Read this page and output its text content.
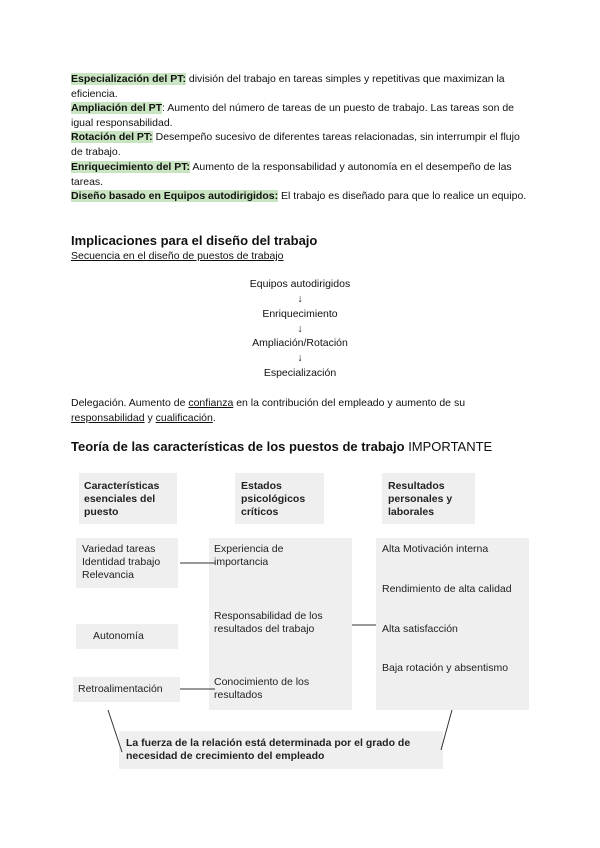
Especialización del PT: división del trabajo en tareas simples y repetitivas que maximizan la eficiencia.
Ampliación del PT: Aumento del número de tareas de un puesto de trabajo. Las tareas son de igual responsabilidad.
Rotación del PT: Desempeño sucesivo de diferentes tareas relacionadas, sin interrumpir el flujo de trabajo.
Enriquecimiento del PT: Aumento de la responsabilidad y autonomía en el desempeño de las tareas.
Diseño basado en Equipos autodirigidos: El trabajo es diseñado para que lo realice un equipo.
Implicaciones para el diseño del trabajo
Secuencia en el diseño de puestos de trabajo
Equipos autodirigidos
↓
Enriquecimiento
↓
Ampliación/Rotación
↓
Especialización
Delegación. Aumento de confianza en la contribución del empleado y aumento de su responsabilidad y cualificación.
Teoría de las características de los puestos de trabajo IMPORTANTE
Características esenciales del puesto
Estados psicológicos críticos
Resultados personales y laborales
Variedad tareas
Identidad trabajo
Relevancia
Autonomía
Retroalimentación
Experiencia de importancia
Responsabilidad de los resultados del trabajo
Conocimiento de los resultados
Alta Motivación interna
Rendimiento de alta calidad
Alta satisfacción
Baja rotación y absentismo
La fuerza de la relación está determinada por el grado de necesidad de crecimiento del empleado
